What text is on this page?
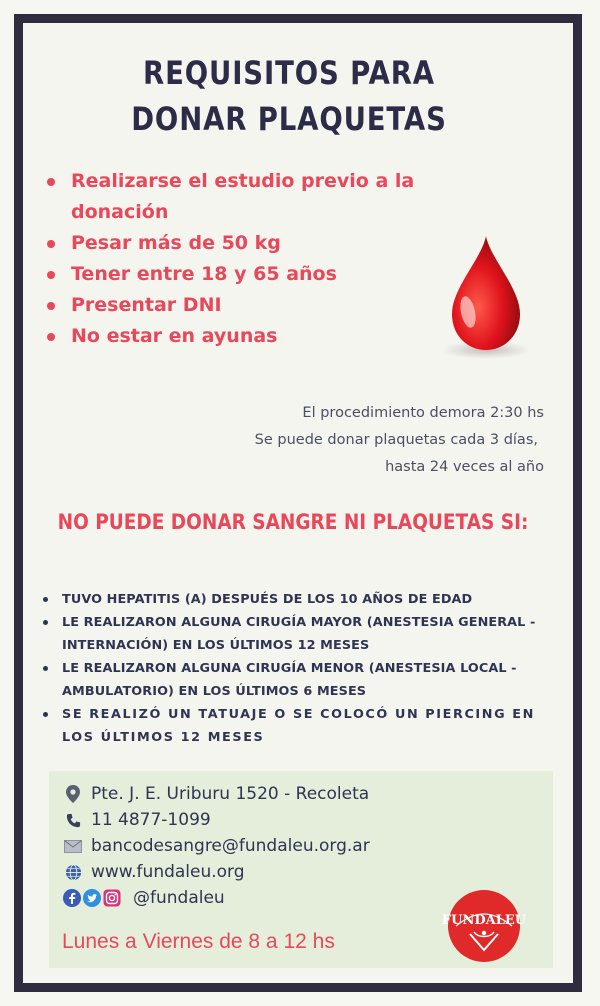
REQUISITOS PARA
DONAR PLAQUETAS
Realizarse el estudio previo a la donación
Pesar más de 50 kg
Tener entre 18 y 65 años
Presentar DNI
No estar en ayunas
El procedimiento demora 2:30 hs
Se puede donar plaquetas cada 3 días,
hasta 24 veces al año
NO PUEDE DONAR SANGRE NI PLAQUETAS SI:
TUVO HEPATITIS (A) DESPUÉS DE LOS 10 AÑOS DE EDAD
LE REALIZARON ALGUNA CIRUGÍA MAYOR (ANESTESIA GENERAL - INTERNACIÓN) EN LOS ÚLTIMOS 12 MESES
LE REALIZARON ALGUNA CIRUGÍA MENOR (ANESTESIA LOCAL - AMBULATORIO) EN LOS ÚLTIMOS 6 MESES
SE REALIZÓ UN TATUAJE O SE COLOCÓ UN PIERCING EN LOS ÚLTIMOS 12 MESES
Pte. J. E. Uriburu 1520 - Recoleta
11 4877-1099
bancodesangre@fundaleu.org.ar
www.fundaleu.org
@fundaleu
Lunes a Viernes de 8 a 12 hs
FUNDALEU
